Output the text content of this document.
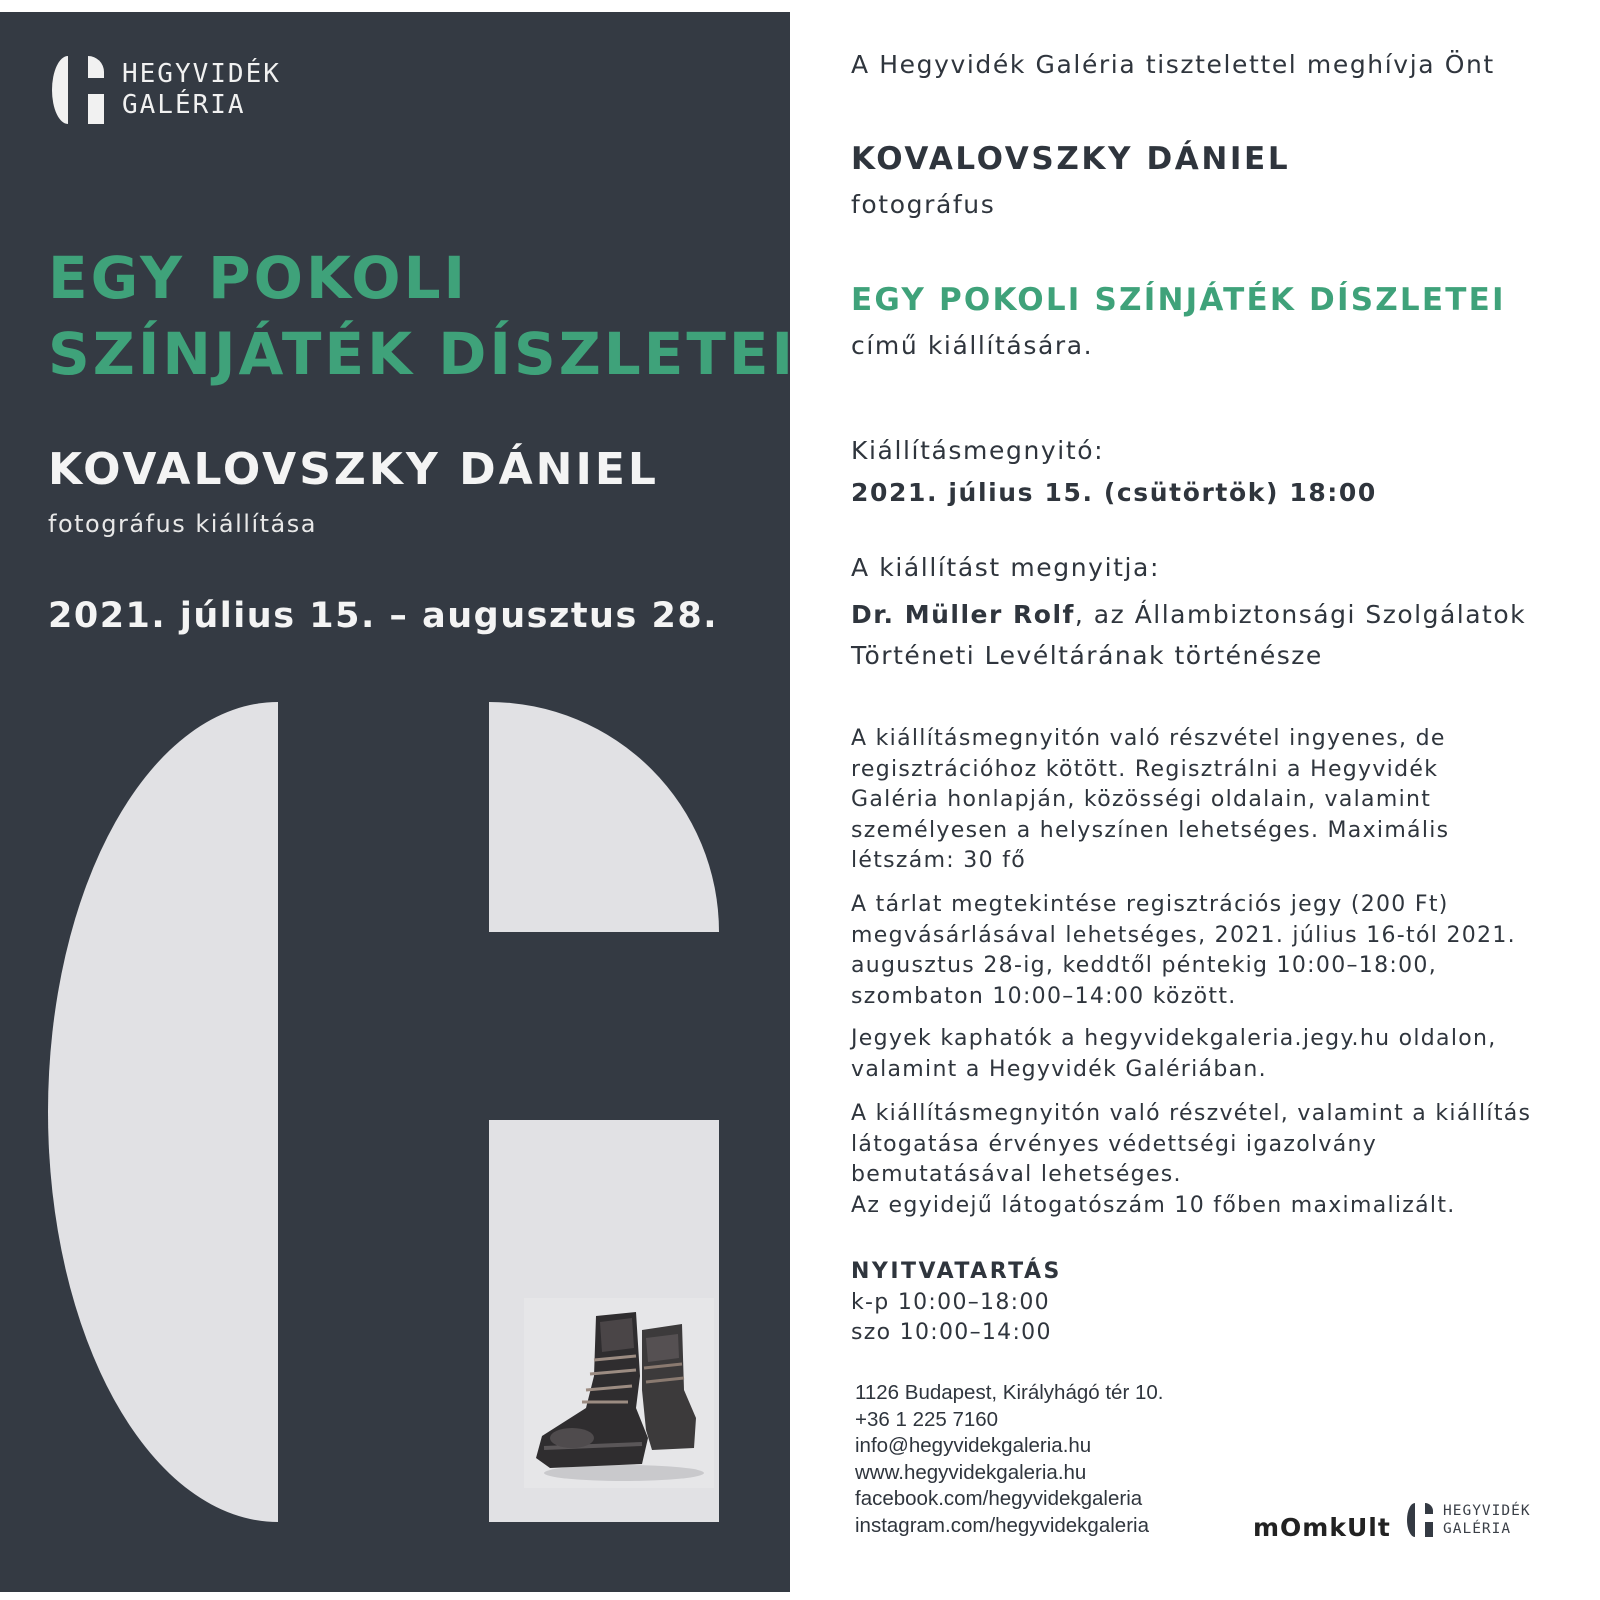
HEGYVIDÉK
GALÉRIA
EGY POKOLI
SZÍNJÁTÉK DÍSZLETEI
KOVALOVSZKY DÁNIEL
fotográfus kiállítása
2021. július 15. – augusztus 28.
A Hegyvidék Galéria tisztelettel meghívja Önt
KOVALOVSZKY DÁNIEL
fotográfus
EGY POKOLI SZÍNJÁTÉK DÍSZLETEI
című kiállítására.
Kiállításmegnyitó:
2021. július 15. (csütörtök) 18:00
A kiállítást megnyitja:
Dr. Müller Rolf, az Állambiztonsági Szolgálatok
Történeti Levéltárának történésze
A kiállításmegnyitón való részvétel ingyenes, de
regisztrációhoz kötött. Regisztrálni a Hegyvidék
Galéria honlapján, közösségi oldalain, valamint
személyesen a helyszínen lehetséges. Maximális
létszám: 30 fő
A tárlat megtekintése regisztrációs jegy (200 Ft)
megvásárlásával lehetséges, 2021. július 16-tól 2021.
augusztus 28-ig, keddtől péntekig 10:00–18:00,
szombaton 10:00–14:00 között.
Jegyek kaphatók a hegyvidekgaleria.jegy.hu oldalon,
valamint a Hegyvidék Galériában.
A kiállításmegnyitón való részvétel, valamint a kiállítás
látogatása érvényes védettségi igazolvány
bemutatásával lehetséges.
Az egyidejű látogatószám 10 főben maximalizált.
NYITVATARTÁS
k-p 10:00–18:00
szo 10:00–14:00
1126 Budapest, Királyhágó tér 10.
+36 1 225 7160
info@hegyvidekgaleria.hu
www.hegyvidekgaleria.hu
facebook.com/hegyvidekgaleria
instagram.com/hegyvidekgaleria	mOmkUlt
HEGYVIDÉK
GALÉRIA
